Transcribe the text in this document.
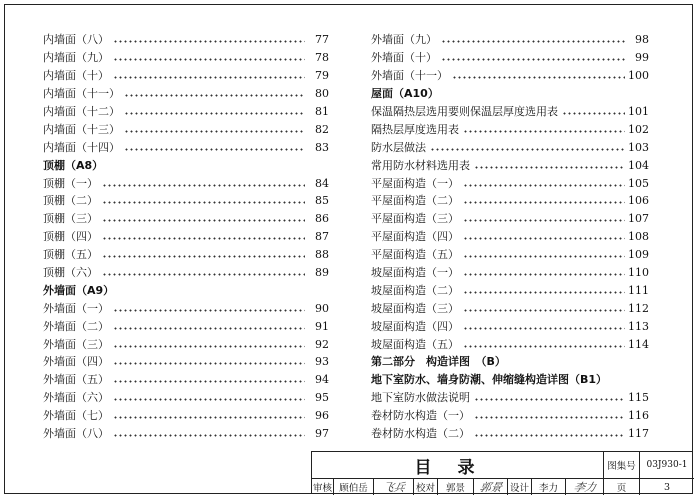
内墙面（八）	77
内墙面（九）	78
内墙面（十）	79
内墙面（十一）	80
内墙面（十二）	81
内墙面（十三）	82
内墙面（十四）	83
顶棚（A8）
顶棚（一）	84
顶棚（二）	85
顶棚（三）	86
顶棚（四）	87
顶棚（五）	88
顶棚（六）	89
外墙面（A9）
外墙面（一）	90
外墙面（二）	91
外墙面（三）	92
外墙面（四）	93
外墙面（五）	94
外墙面（六）	95
外墙面（七）	96
外墙面（八）	97
外墙面（九）	98
外墙面（十）	99
外墙面（十一）	100
屋面（A10）
保温隔热层选用要则保温层厚度选用表	101
隔热层厚度选用表	102
防水层做法	103
常用防水材料选用表	104
平屋面构造（一）	105
平屋面构造（二）	106
平屋面构造（三）	107
平屋面构造（四）	108
平屋面构造（五）	109
坡屋面构造（一）	110
坡屋面构造（二）	111
坡屋面构造（三）	112
坡屋面构造（四）	113
坡屋面构造（五）	114
第二部分　构造详图　（B）
地下室防水、墙身防潮、伸缩缝构造详图（B1）
地下室防水做法说明	115
卷材防水构造（一）	116
卷材防水构造（二）	117
目录	图集号	03J930-1
审核 顾伯岳	飞兵 校对	郭景	郭景 设计	李力	李力	页	3
